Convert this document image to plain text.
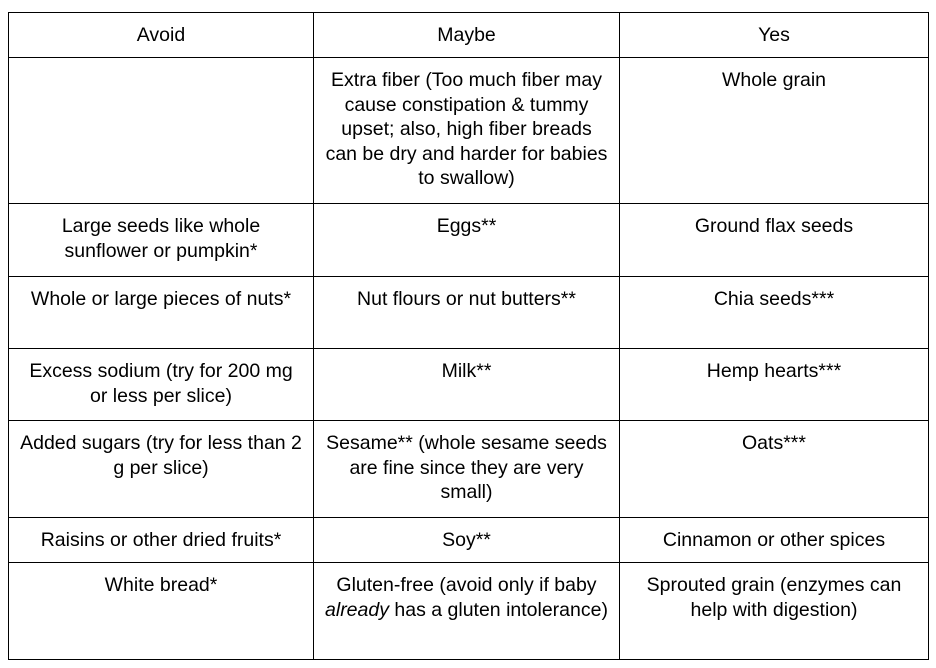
Avoid	Maybe	Yes
	Extra fiber (Too much fiber may cause constipation & tummy upset; also, high fiber breads can be dry and harder for babies to swallow)	Whole grain
Large seeds like whole sunflower or pumpkin*	Eggs**	Ground flax seeds
Whole or large pieces of nuts*	Nut flours or nut butters**	Chia seeds***
Excess sodium (try for 200 mg or less per slice)	Milk**	Hemp hearts***
Added sugars (try for less than 2 g per slice)	Sesame** (whole sesame seeds are fine since they are very small)	Oats***
Raisins or other dried fruits*	Soy**	Cinnamon or other spices
White bread*	Gluten-free (avoid only if baby already has a gluten intolerance)	Sprouted grain (enzymes can help with digestion)
